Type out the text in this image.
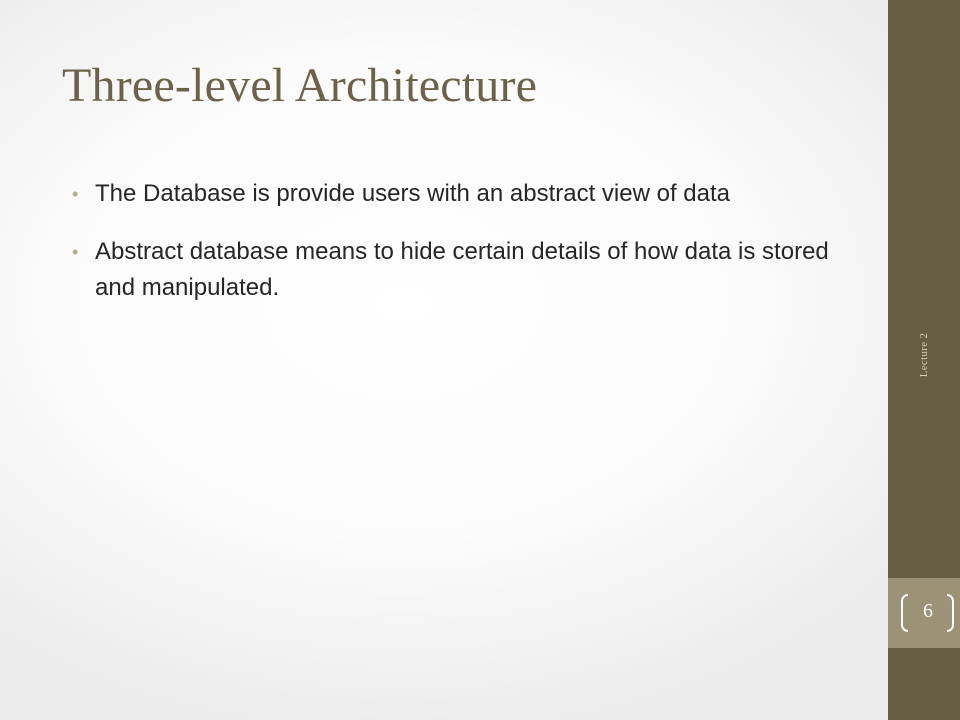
Three-level Architecture
• The Database is provide users with an abstract view of data
• Abstract database means to hide certain details of how data is stored and manipulated.
Lecture 2
6
